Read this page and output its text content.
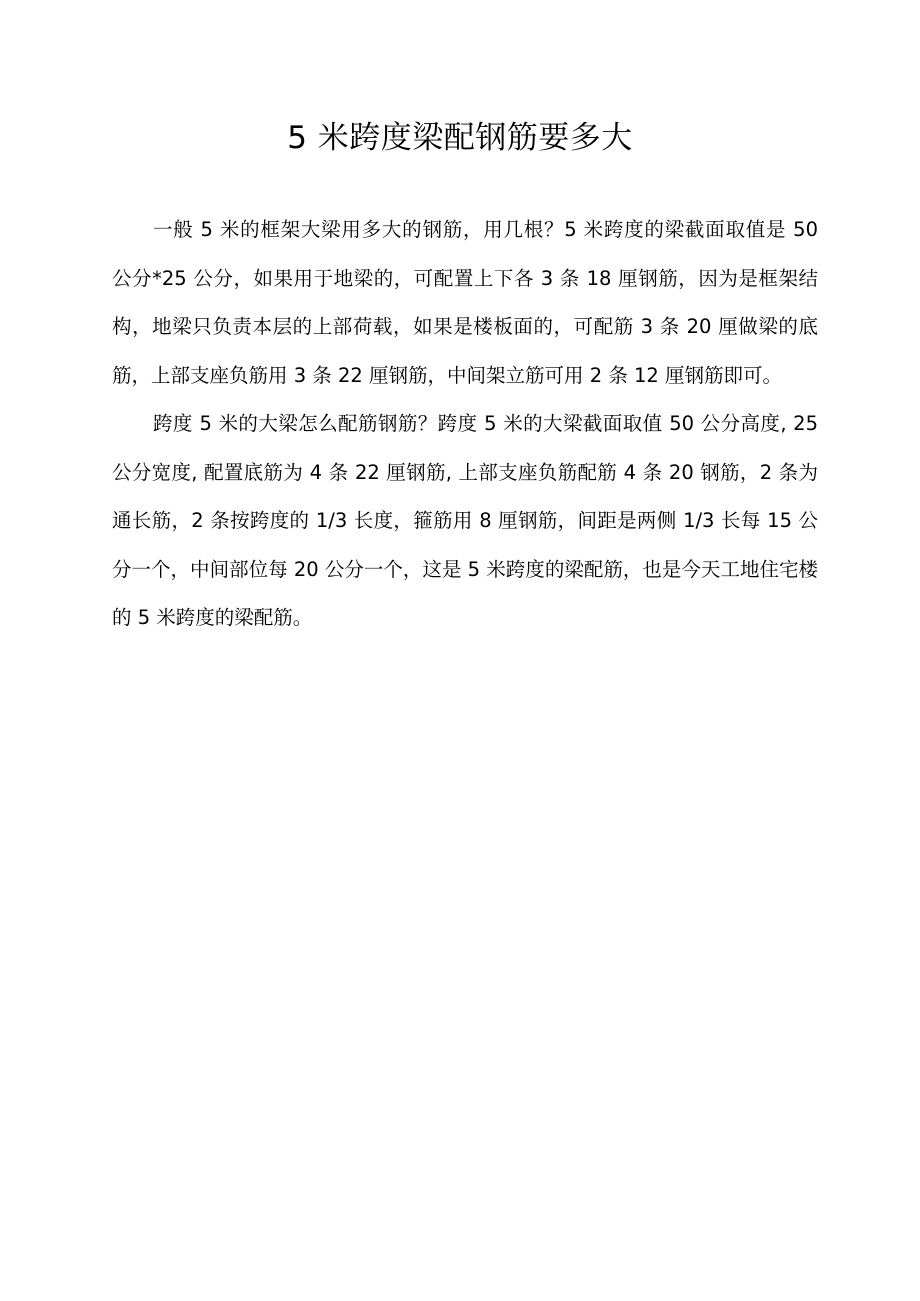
5 米跨度梁配钢筋要多大

一般 5 米的框架大梁用多大的钢筋，用几根？5 米跨度的梁截面取值是 50 公分*25 公分，如果用于地梁的，可配置上下各 3 条 18 厘钢筋，因为是框架结构，地梁只负责本层的上部荷载，如果是楼板面的，可配筋 3 条 20 厘做梁的底筋，上部支座负筋用 3 条 22 厘钢筋，中间架立筋可用 2 条 12 厘钢筋即可。

跨度 5 米的大梁怎么配筋钢筋？跨度 5 米的大梁截面取值 50 公分高度, 25 公分宽度, 配置底筋为 4 条 22 厘钢筋, 上部支座负筋配筋 4 条 20 钢筋，2 条为通长筋，2 条按跨度的 1/3 长度，箍筋用 8 厘钢筋，间距是两侧 1/3 长每 15 公分一个，中间部位每 20 公分一个，这是 5 米跨度的梁配筋，也是今天工地住宅楼的 5 米跨度的梁配筋。
